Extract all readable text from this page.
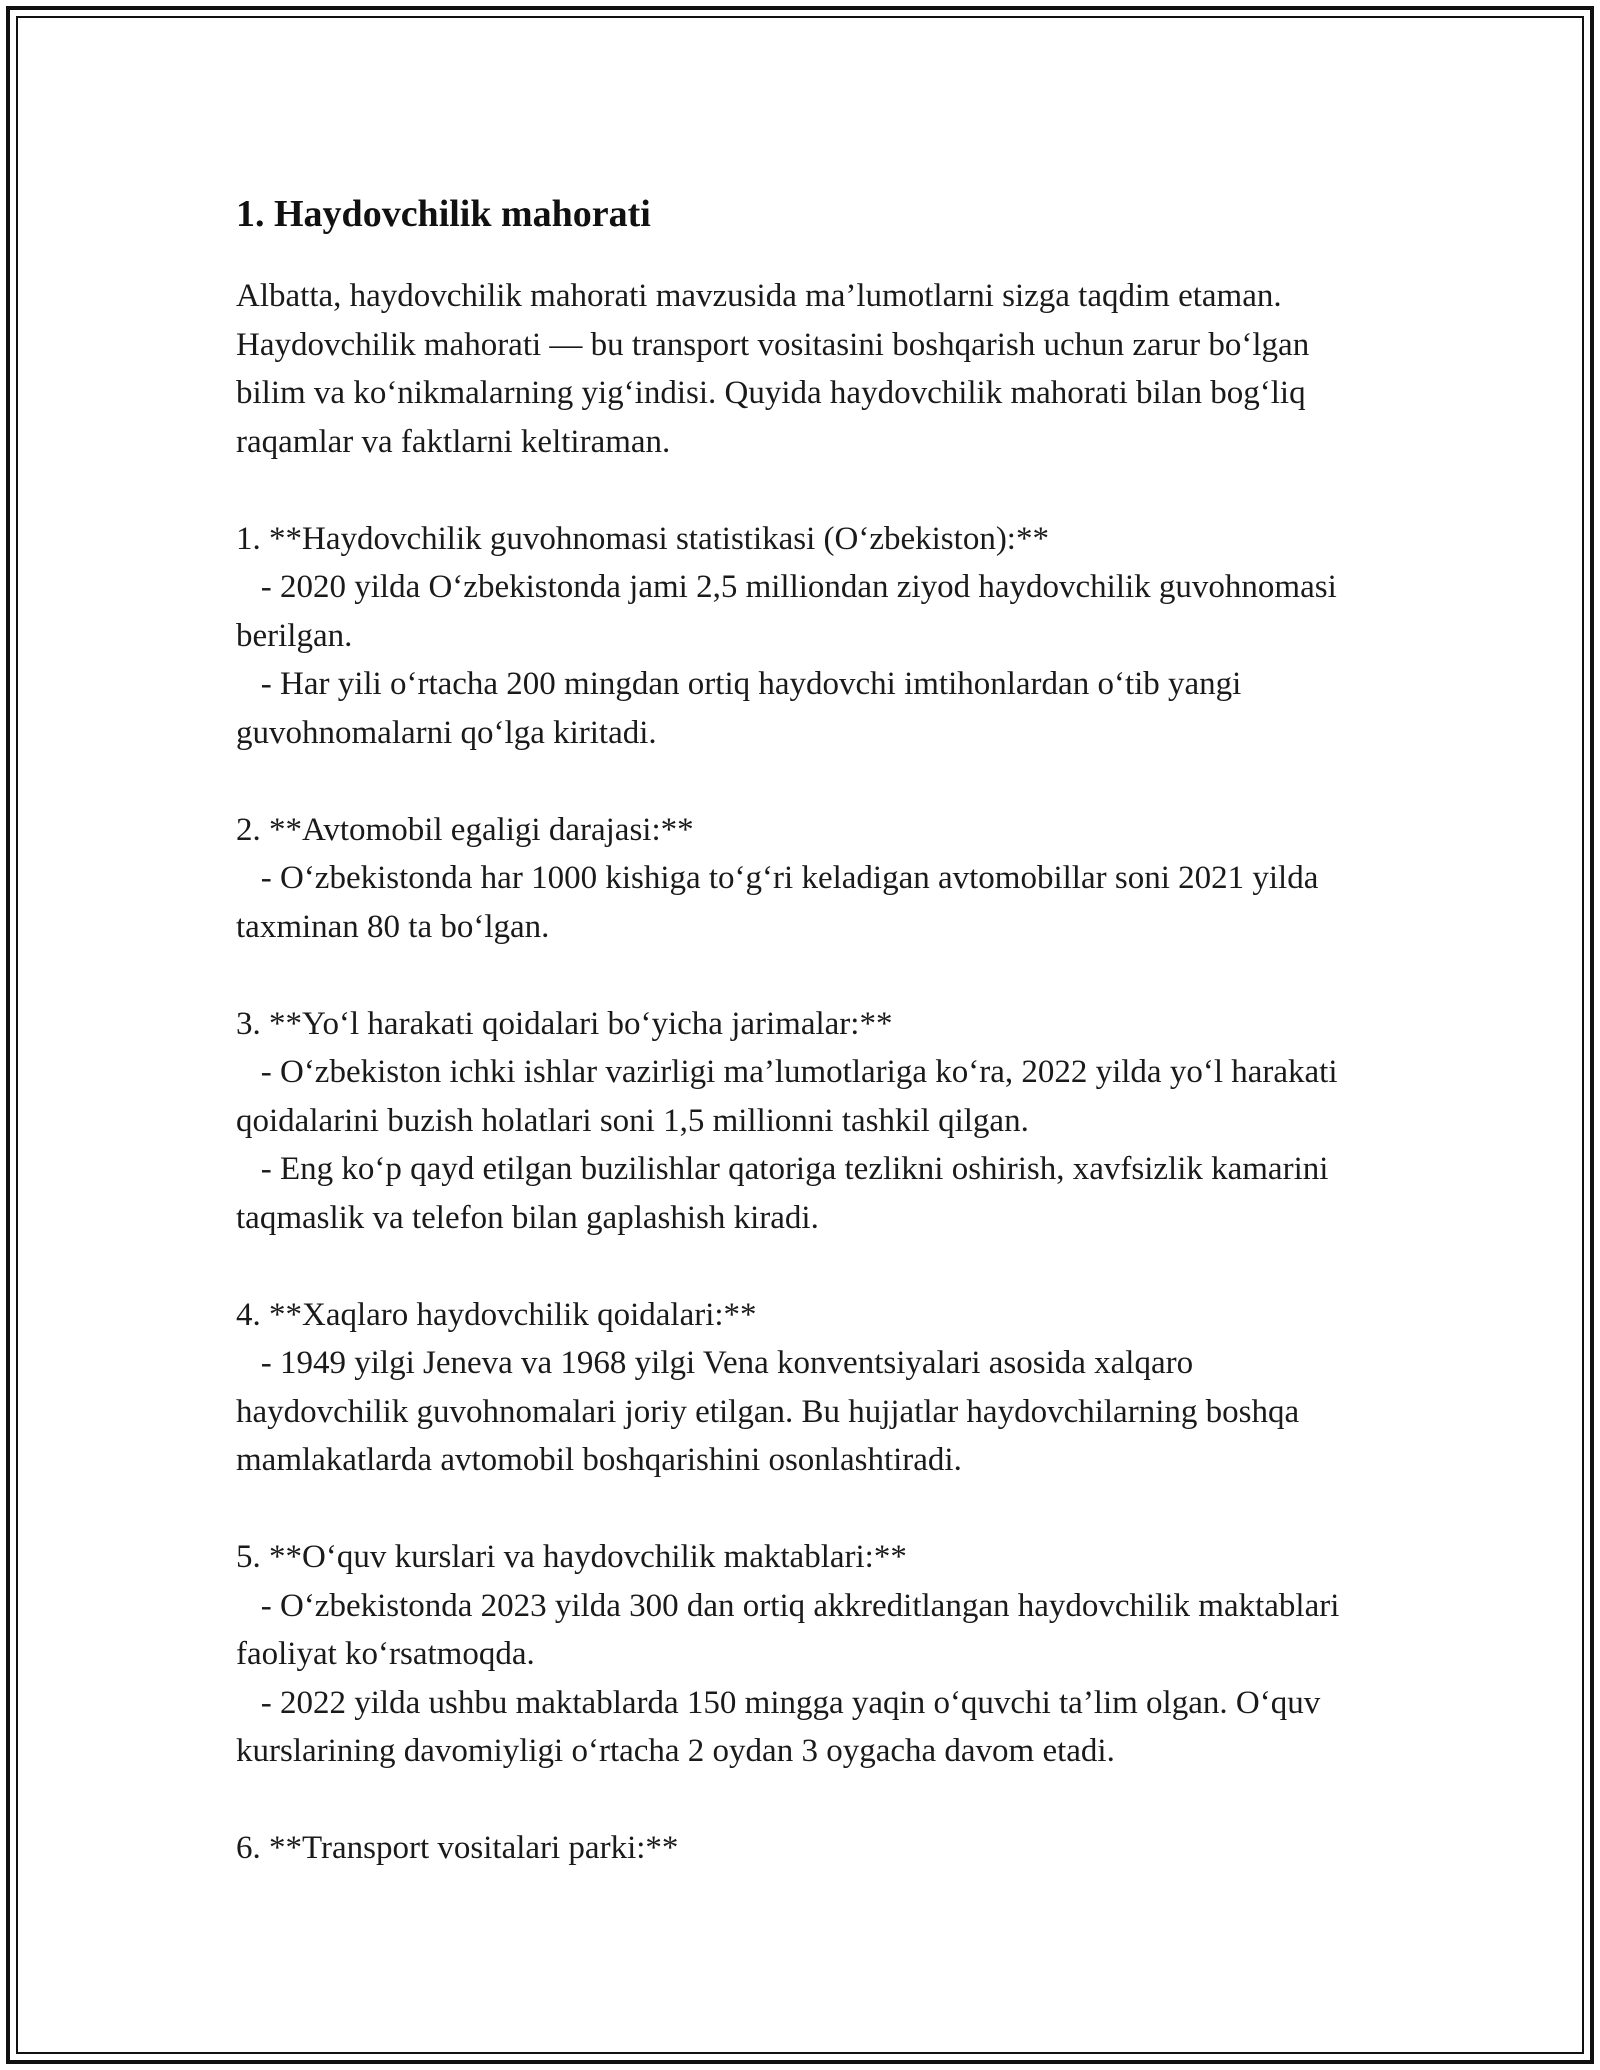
1. Haydovchilik mahorati

Albatta, haydovchilik mahorati mavzusida ma’lumotlarni sizga taqdim etaman. Haydovchilik mahorati — bu transport vositasini boshqarish uchun zarur bo‘lgan bilim va ko‘nikmalarning yig‘indisi. Quyida haydovchilik mahorati bilan bog‘liq raqamlar va faktlarni keltiraman.

1. **Haydovchilik guvohnomasi statistikasi (O‘zbekiston):**
- 2020 yilda O‘zbekistonda jami 2,5 milliondan ziyod haydovchilik guvohnomasi berilgan.
- Har yili o‘rtacha 200 mingdan ortiq haydovchi imtihonlardan o‘tib yangi guvohnomalarni qo‘lga kiritadi.

2. **Avtomobil egaligi darajasi:**
- O‘zbekistonda har 1000 kishiga to‘g‘ri keladigan avtomobillar soni 2021 yilda taxminan 80 ta bo‘lgan.

3. **Yo‘l harakati qoidalari bo‘yicha jarimalar:**
- O‘zbekiston ichki ishlar vazirligi ma’lumotlariga ko‘ra, 2022 yilda yo‘l harakati qoidalarini buzish holatlari soni 1,5 millionni tashkil qilgan.
- Eng ko‘p qayd etilgan buzilishlar qatoriga tezlikni oshirish, xavfsizlik kamarini taqmaslik va telefon bilan gaplashish kiradi.

4. **Xaqlaro haydovchilik qoidalari:**
- 1949 yilgi Jeneva va 1968 yilgi Vena konventsiyalari asosida xalqaro haydovchilik guvohnomalari joriy etilgan. Bu hujjatlar haydovchilarning boshqa mamlakatlarda avtomobil boshqarishini osonlashtiradi.

5. **O‘quv kurslari va haydovchilik maktablari:**
- O‘zbekistonda 2023 yilda 300 dan ortiq akkreditlangan haydovchilik maktablari faoliyat ko‘rsatmoqda.
- 2022 yilda ushbu maktablarda 150 mingga yaqin o‘quvchi ta’lim olgan. O‘quv kurslarining davomiyligi o‘rtacha 2 oydan 3 oygacha davom etadi.

6. **Transport vositalari parki:**
